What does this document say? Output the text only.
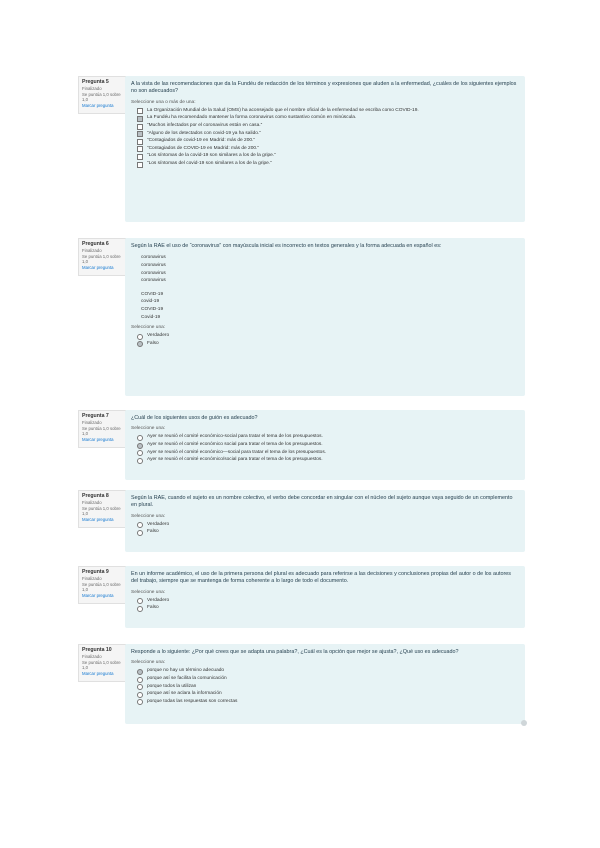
Pregunta 5
Finalizado
Se puntúa 1,0 sobre 1,0
Marcar pregunta
A la vista de las recomendaciones que da la Fundéu de redacción de los términos y expresiones que aluden a la enfermedad, ¿cuáles de los siguientes ejemplos no son adecuados?
Seleccione una o más de una:
La Organización Mundial de la Salud (OMS) ha aconsejado que el nombre oficial de la enfermedad se escriba como COVID-19.
La Fundéu ha recomendado mantener la forma coronavirus como sustantivo común en minúscula.
“Muchos infectados por el coronavirus están en casa.”
“Alguno de los detectados con covid-19 ya ha salido.”
“Contagiados de covid-19 en Madrid: más de 200.”
“Contagiados de COVID-19 en Madrid: más de 200.”
“Los síntomas de la covid-19 son similares a los de la gripe.”
“Los síntomas del covid-19 son similares a los de la gripe.”
Pregunta 6
Finalizado
Se puntúa 1,0 sobre 1,0
Marcar pregunta
Según la RAE el uso de “coronavirus” con mayúscula inicial es incorrecto en textos generales y la forma adecuada en español es:
coronavirus
coronavirus
coronavirus
coronavirus
COVID-19
covid-19
COVID-19
Covid-19
Seleccione una:
Verdadero
Falso
Pregunta 7
Finalizado
Se puntúa 1,0 sobre 1,0
Marcar pregunta
¿Cuál de los siguientes usos de guión es adecuado?
Seleccione una:
Ayer se reunió el comité económico-social para tratar el tema de los presupuestos.
Ayer se reunió el comité económico social para tratar el tema de los presupuestos.
Ayer se reunió el comité económico—social para tratar el tema de los presupuestos.
Ayer se reunió el comité económico/social para tratar el tema de los presupuestos.
Pregunta 8
Finalizado
Se puntúa 1,0 sobre 1,0
Marcar pregunta
Según la RAE, cuando el sujeto es un nombre colectivo, el verbo debe concordar en singular con el núcleo del sujeto aunque vaya seguido de un complemento en plural.
Seleccione una:
Verdadero
Falso
Pregunta 9
Finalizado
Se puntúa 1,0 sobre 1,0
Marcar pregunta
En un informe académico, el uso de la primera persona del plural es adecuado para referirse a las decisiones y conclusiones propias del autor o de los autores del trabajo, siempre que se mantenga de forma coherente a lo largo de todo el documento.
Seleccione una:
Verdadero
Falso
Pregunta 10
Finalizado
Se puntúa 1,0 sobre 1,0
Marcar pregunta
Responde a lo siguiente: ¿Por qué crees que se adapta una palabra?, ¿Cuál es la opción que mejor se ajusta?, ¿Qué uso es adecuado?
Seleccione una:
porque no hay un término adecuado
porque así se facilita la comunicación
porque todos la utilizan
porque así se aclara la información
porque todas las respuestas son correctas
